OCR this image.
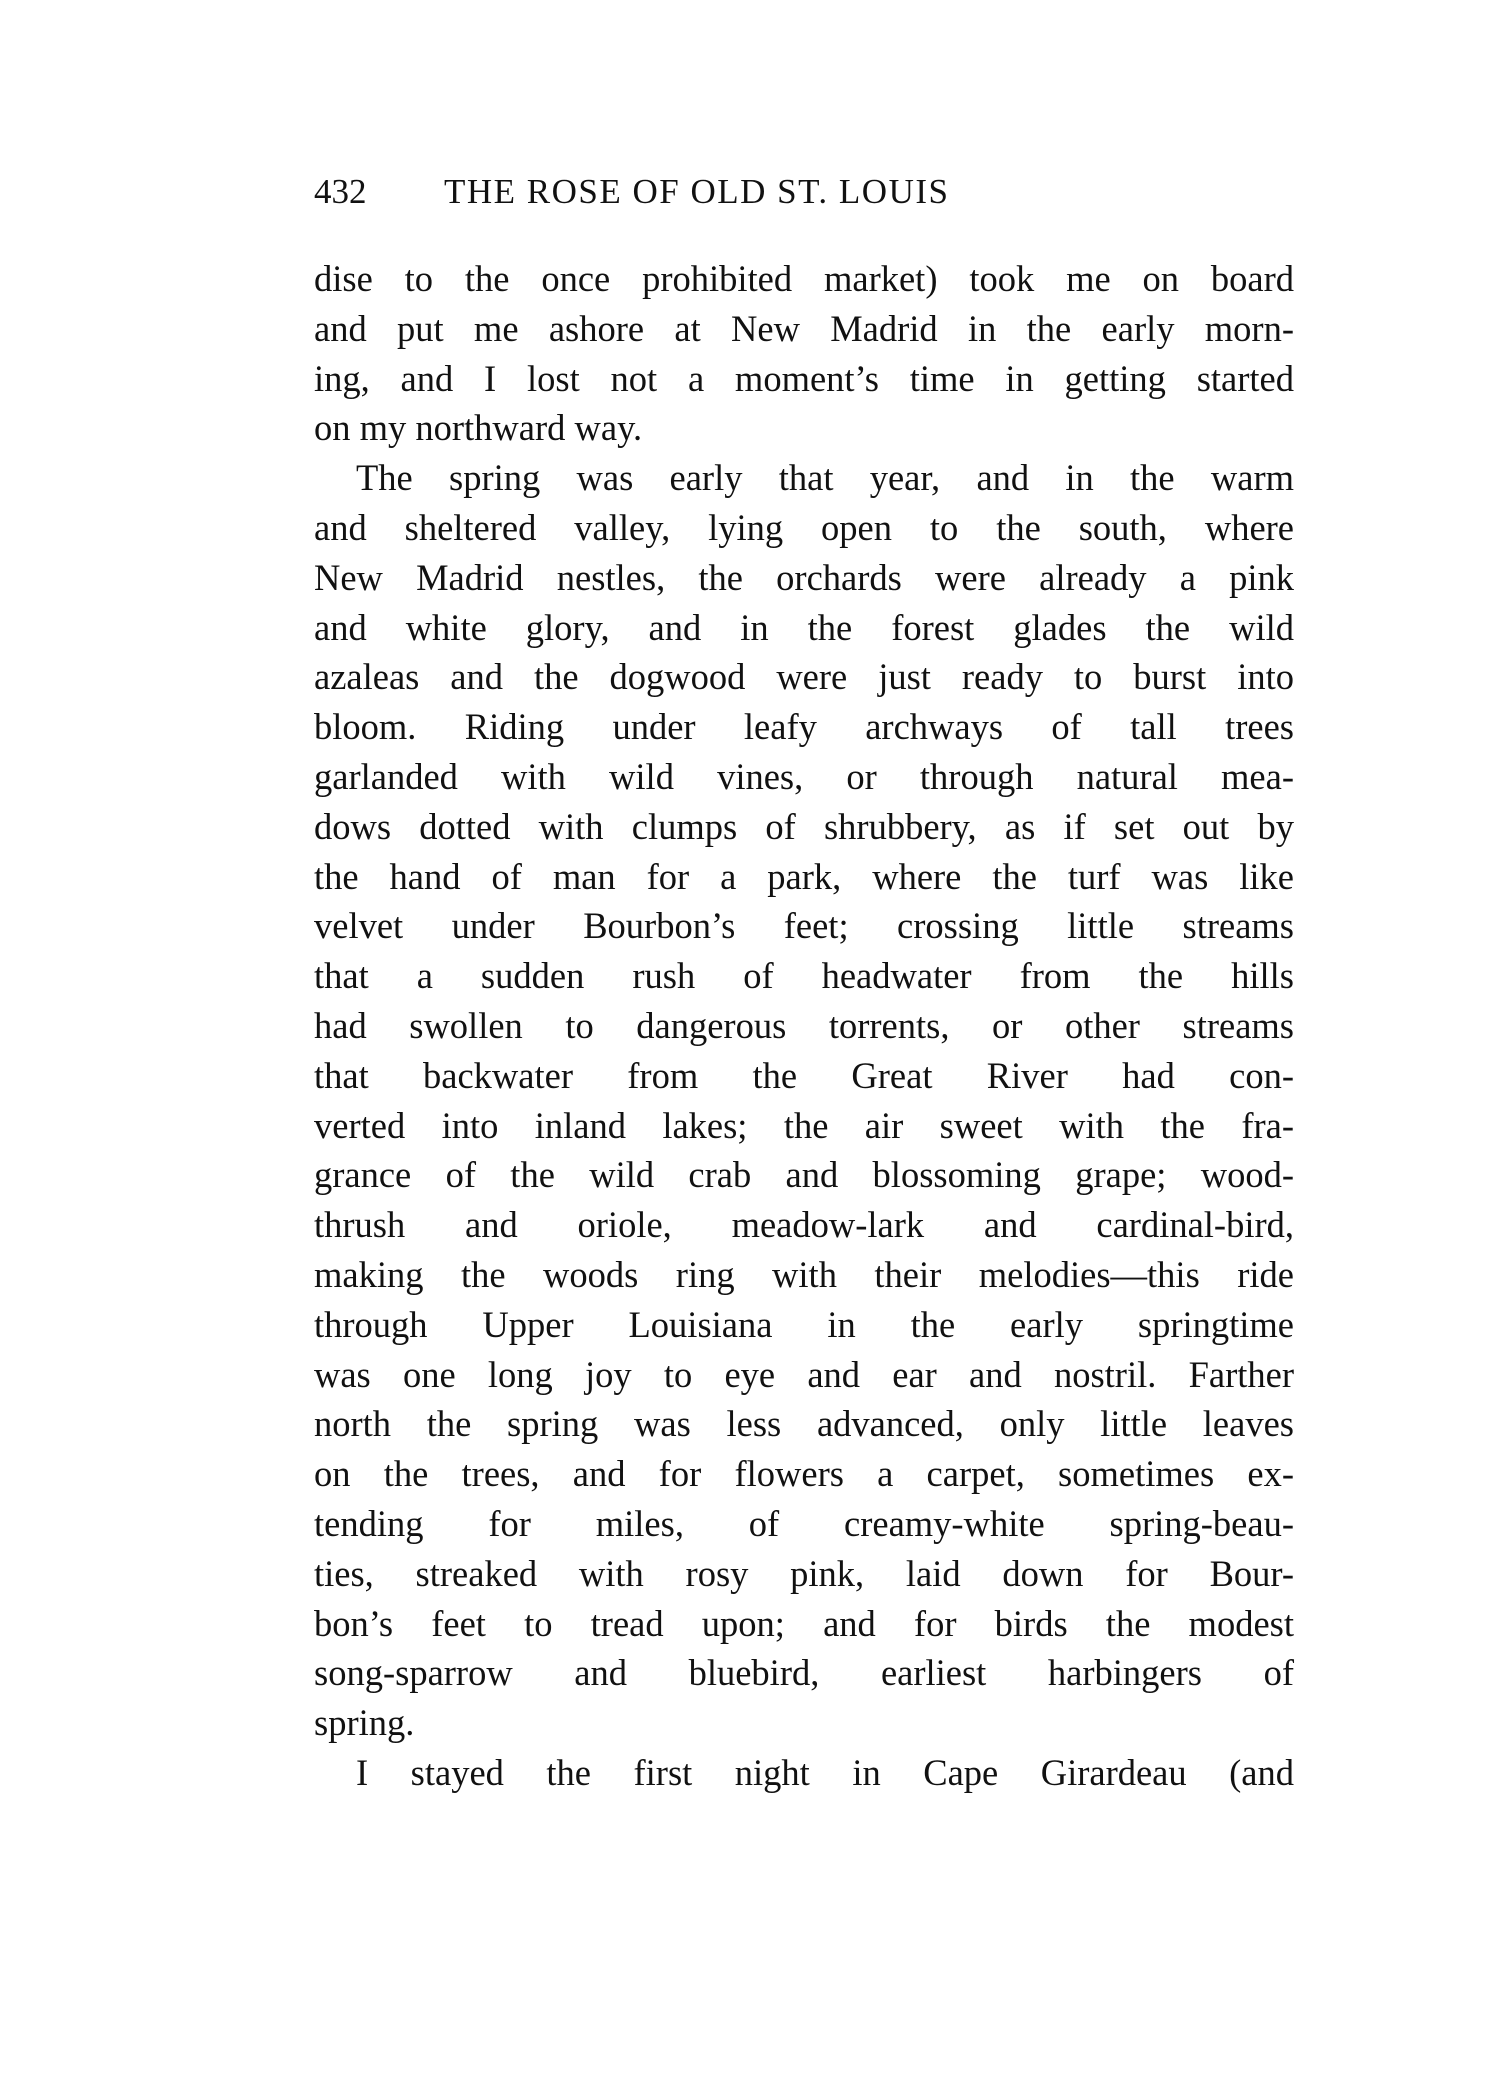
432 THE ROSE OF OLD ST. LOUIS
dise to the once prohibited market) took me on board
and put me ashore at New Madrid in the early morn-
ing, and I lost not a moment’s time in getting started
on my northward way.
The spring was early that year, and in the warm
and sheltered valley, lying open to the south, where
New Madrid nestles, the orchards were already a pink
and white glory, and in the forest glades the wild
azaleas and the dogwood were just ready to burst into
bloom. Riding under leafy archways of tall trees
garlanded with wild vines, or through natural mea-
dows dotted with clumps of shrubbery, as if set out by
the hand of man for a park, where the turf was like
velvet under Bourbon’s feet; crossing little streams
that a sudden rush of headwater from the hills
had swollen to dangerous torrents, or other streams
that backwater from the Great River had con-
verted into inland lakes; the air sweet with the fra-
grance of the wild crab and blossoming grape; wood-
thrush and oriole, meadow-lark and cardinal-bird,
making the woods ring with their melodies—this ride
through Upper Louisiana in the early springtime
was one long joy to eye and ear and nostril. Farther
north the spring was less advanced, only little leaves
on the trees, and for flowers a carpet, sometimes ex-
tending for miles, of creamy-white spring-beau-
ties, streaked with rosy pink, laid down for Bour-
bon’s feet to tread upon; and for birds the modest
song-sparrow and bluebird, earliest harbingers of
spring.
I stayed the first night in Cape Girardeau (and
